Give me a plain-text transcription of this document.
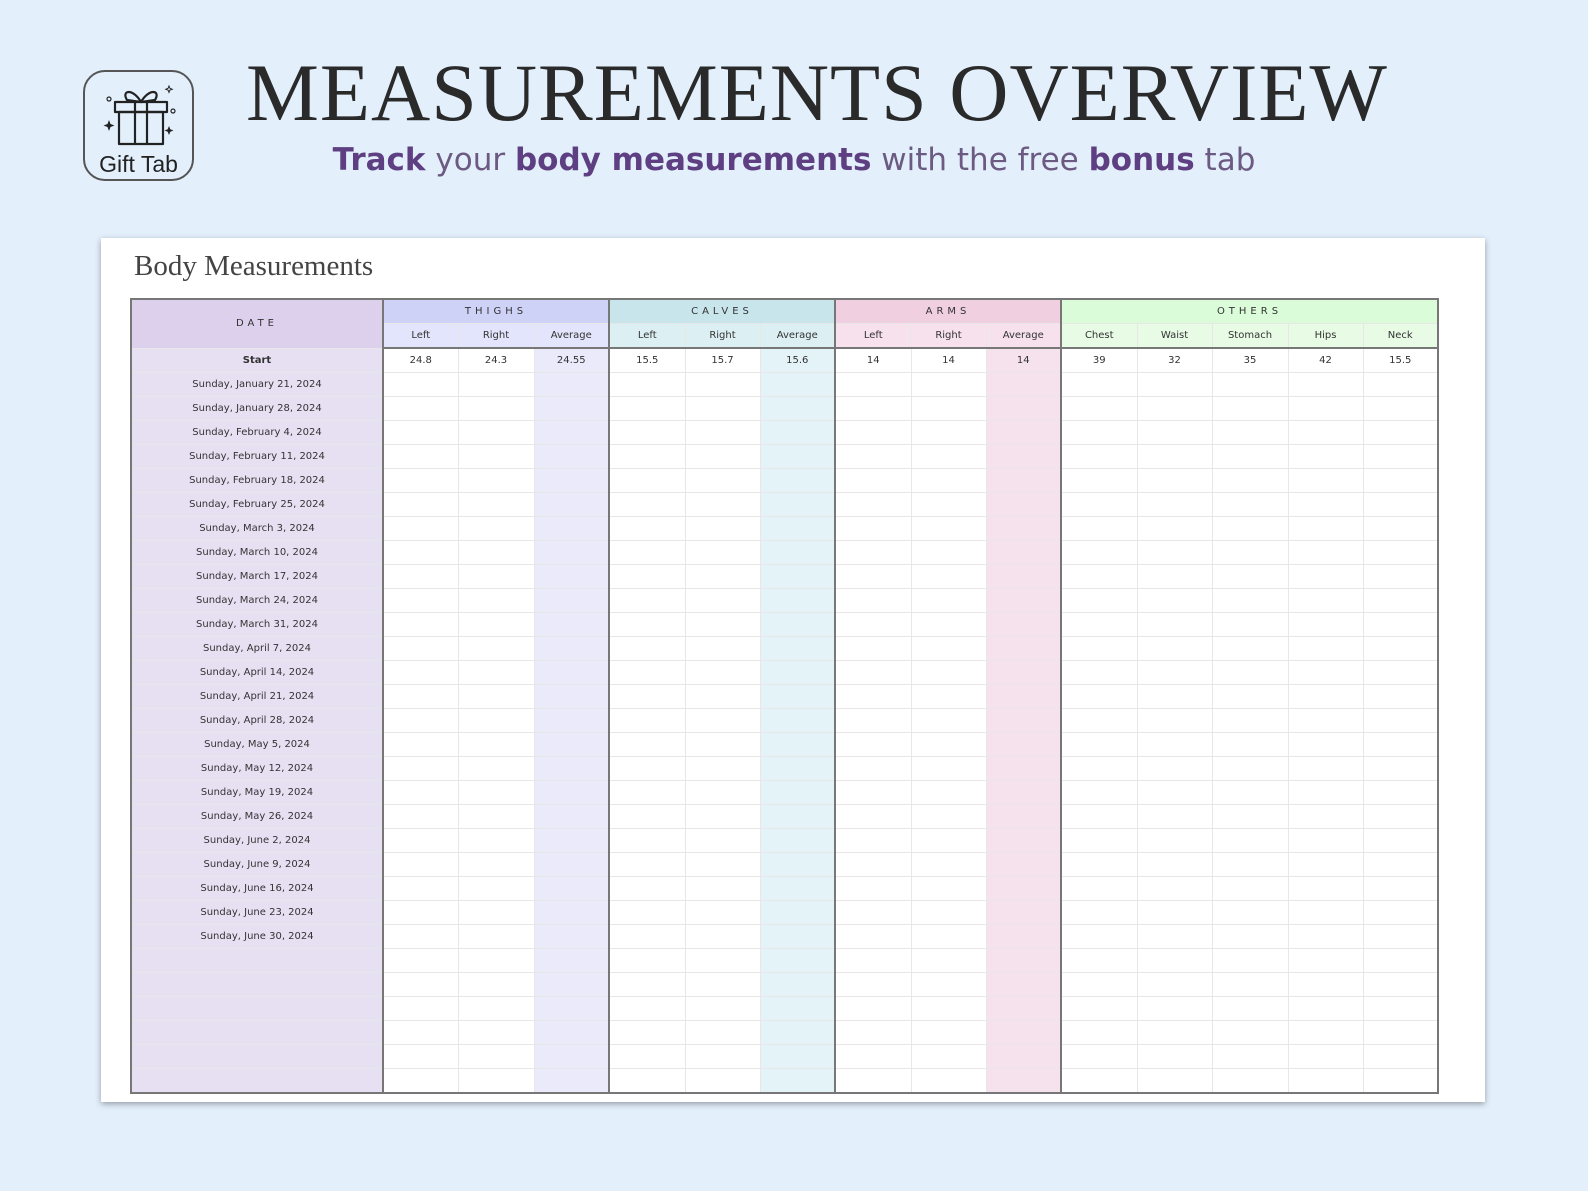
Gift Tab
MEASUREMENTS OVERVIEW
Track your body measurements with the free bonus tab
Body Measurements
DATE	THIGHS			CALVES			ARMS			OTHERS				
	Left	Right	Average	Left	Right	Average	Left	Right	Average	Chest	Waist	Stomach	Hips	Neck
Start	24.8	24.3	24.55	15.5	15.7	15.6	14	14	14	39	32	35	42	15.5
Sunday, January 21, 2024														
Sunday, January 28, 2024														
Sunday, February 4, 2024														
Sunday, February 11, 2024														
Sunday, February 18, 2024														
Sunday, February 25, 2024														
Sunday, March 3, 2024														
Sunday, March 10, 2024														
Sunday, March 17, 2024														
Sunday, March 24, 2024														
Sunday, March 31, 2024														
Sunday, April 7, 2024														
Sunday, April 14, 2024														
Sunday, April 21, 2024														
Sunday, April 28, 2024														
Sunday, May 5, 2024														
Sunday, May 12, 2024														
Sunday, May 19, 2024														
Sunday, May 26, 2024														
Sunday, June 2, 2024														
Sunday, June 9, 2024														
Sunday, June 16, 2024														
Sunday, June 23, 2024														
Sunday, June 30, 2024														
